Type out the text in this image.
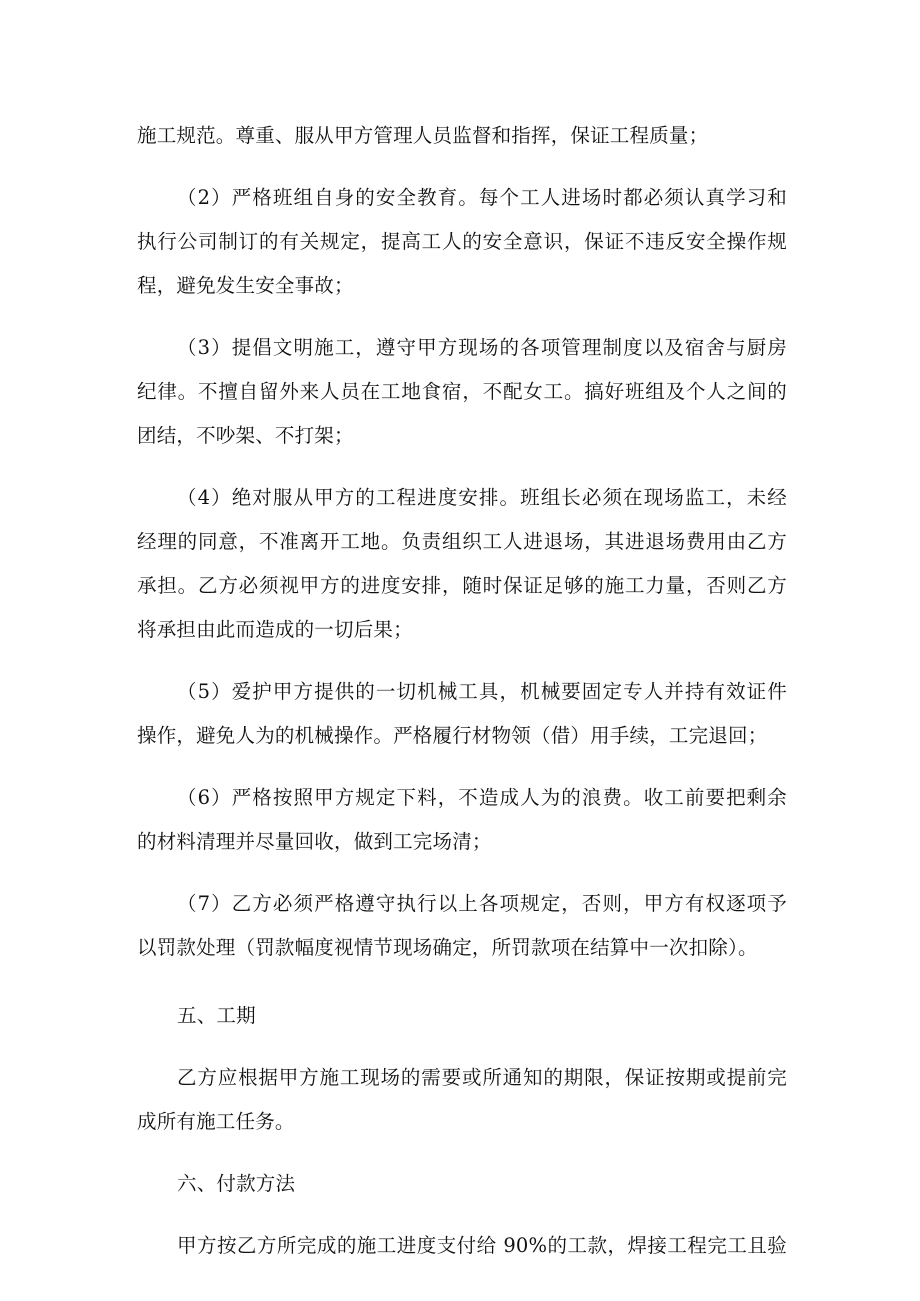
施工规范。尊重、服从甲方管理人员监督和指挥，保证工程质量；
（2）严格班组自身的安全教育。每个工人进场时都必须认真学习和
执行公司制订的有关规定，提高工人的安全意识，保证不违反安全操作规
程，避免发生安全事故；
（3）提倡文明施工，遵守甲方现场的各项管理制度以及宿舍与厨房
纪律。不擅自留外来人员在工地食宿，不配女工。搞好班组及个人之间的
团结，不吵架、不打架；
（4）绝对服从甲方的工程进度安排。班组长必须在现场监工，未经
经理的同意，不准离开工地。负责组织工人进退场，其进退场费用由乙方
承担。乙方必须视甲方的进度安排，随时保证足够的施工力量，否则乙方
将承担由此而造成的一切后果；
（5）爱护甲方提供的一切机械工具，机械要固定专人并持有效证件
操作，避免人为的机械操作。严格履行材物领（借）用手续，工完退回；
（6）严格按照甲方规定下料，不造成人为的浪费。收工前要把剩余
的材料清理并尽量回收，做到工完场清；
（7）乙方必须严格遵守执行以上各项规定，否则，甲方有权逐项予
以罚款处理（罚款幅度视情节现场确定，所罚款项在结算中一次扣除）。
五、工期
乙方应根据甲方施工现场的需要或所通知的期限，保证按期或提前完
成所有施工任务。
六、付款方法
甲方按乙方所完成的施工进度支付给 90%的工款，焊接工程完工且验
